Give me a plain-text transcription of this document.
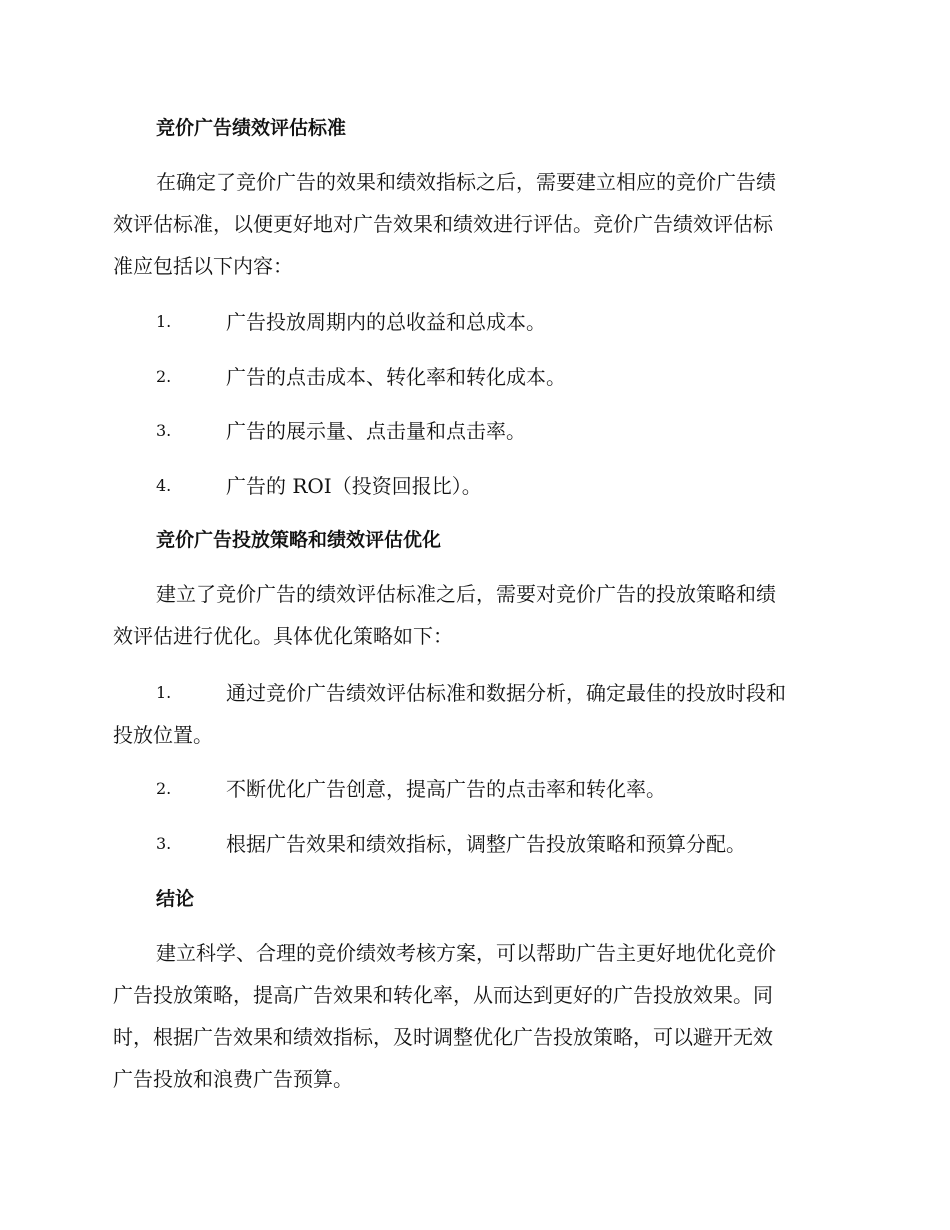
竞价广告绩效评估标准
在确定了竞价广告的效果和绩效指标之后，需要建立相应的竞价广告绩
效评估标准，以便更好地对广告效果和绩效进行评估。竞价广告绩效评估标
准应包括以下内容：
1.	广告投放周期内的总收益和总成本。
2.	广告的点击成本、转化率和转化成本。
3.	广告的展示量、点击量和点击率。
4.	广告的 ROI（投资回报比）。
竞价广告投放策略和绩效评估优化
建立了竞价广告的绩效评估标准之后，需要对竞价广告的投放策略和绩
效评估进行优化。具体优化策略如下：
1.	通过竞价广告绩效评估标准和数据分析，确定最佳的投放时段和
投放位置。
2.	不断优化广告创意，提高广告的点击率和转化率。
3.	根据广告效果和绩效指标，调整广告投放策略和预算分配。
结论
建立科学、合理的竞价绩效考核方案，可以帮助广告主更好地优化竞价
广告投放策略，提高广告效果和转化率，从而达到更好的广告投放效果。同
时，根据广告效果和绩效指标，及时调整优化广告投放策略，可以避开无效
广告投放和浪费广告预算。
